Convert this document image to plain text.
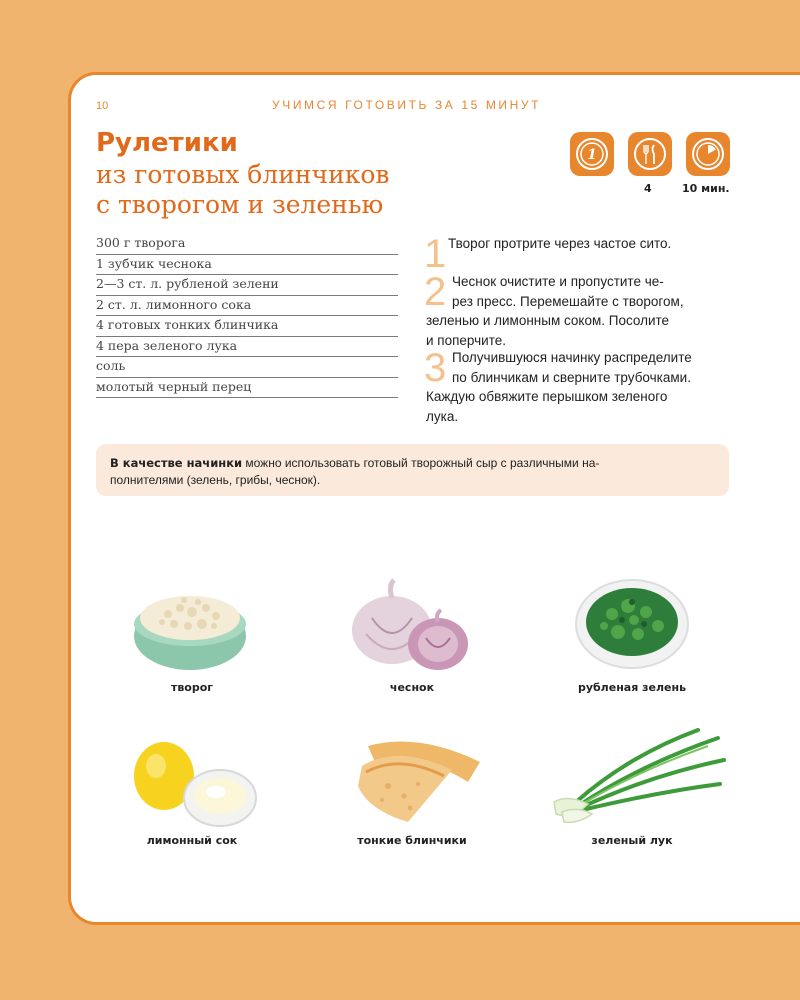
10	УЧИМСЯ ГОТОВИТЬ ЗА 15 МИНУТ
Рулетики
из готовых блинчиков
с творогом и зеленью
1
4	10 мин.
300 г творога
1 зубчик чеснока
2—3 ст. л. рубленой зелени
2 ст. л. лимонного сока
4 готовых тонких блинчика
4 пера зеленого лука
соль
молотый черный перец
1 Творог протрите через частое сито.
2 Чеснок очистите и пропустите че-
рез пресс. Перемешайте с творогом,
зеленью и лимонным соком. Посолите
и поперчите.
3 Получившуюся начинку распределите
по блинчикам и сверните трубочками.
Каждую обвяжите перышком зеленого
лука.
В качестве начинки можно использовать готовый творожный сыр с различными на-
полнителями (зелень, грибы, чеснок).
творог	чеснок	рубленая зелень
лимонный сок	тонкие блинчики	зеленый лук
